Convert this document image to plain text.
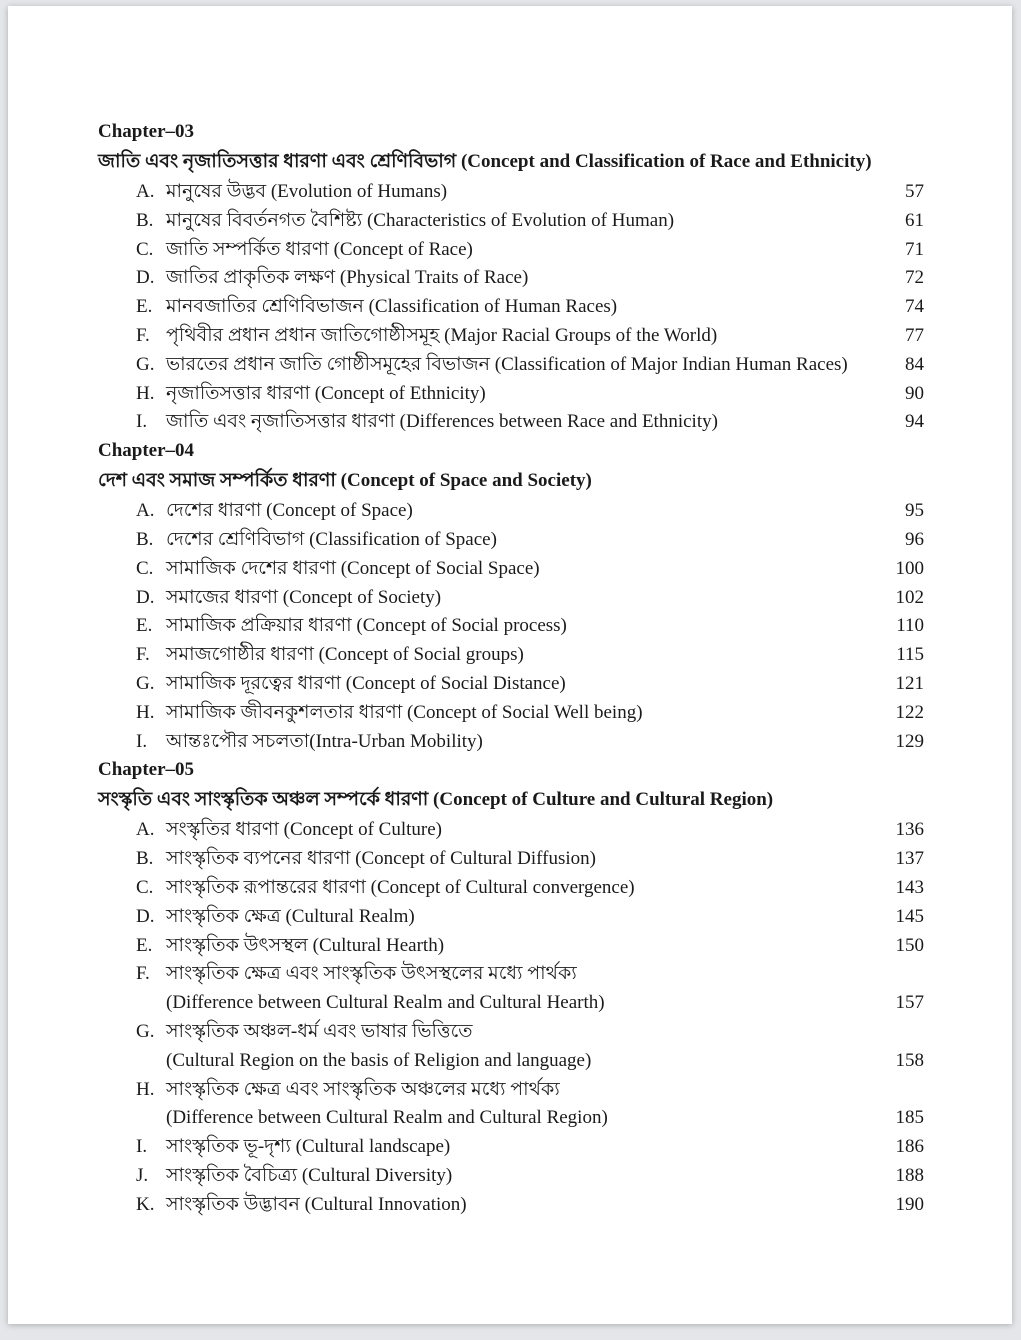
Chapter–03
জাতি এবং নৃজাতিসত্তার ধারণা এবং শ্রেণিবিভাগ (Concept and Classification of Race and Ethnicity)
A. মানুষের উদ্ভব (Evolution of Humans)	57
B. মানুষের বিবর্তনগত বৈশিষ্ট্য (Characteristics of Evolution of Human)	61
C. জাতি সম্পর্কিত ধারণা (Concept of Race)	71
D. জাতির প্রাকৃতিক লক্ষণ (Physical Traits of Race)	72
E. মানবজাতির শ্রেণিবিভাজন (Classification of Human Races)	74
F. পৃথিবীর প্রধান প্রধান জাতিগোষ্ঠীসমূহ (Major Racial Groups of the World)	77
G. ভারতের প্রধান জাতি গোষ্ঠীসমূহের বিভাজন (Classification of Major Indian Human Races)	84
H. নৃজাতিসত্তার ধারণা (Concept of Ethnicity)	90
I. জাতি এবং নৃজাতিসত্তার ধারণা (Differences between Race and Ethnicity)	94
Chapter–04
দেশ এবং সমাজ সম্পর্কিত ধারণা (Concept of Space and Society)
A. দেশের ধারণা (Concept of Space)	95
B. দেশের শ্রেণিবিভাগ (Classification of Space)	96
C. সামাজিক দেশের ধারণা (Concept of Social Space)	100
D. সমাজের ধারণা (Concept of Society)	102
E. সামাজিক প্রক্রিয়ার ধারণা (Concept of Social process)	110
F. সমাজগোষ্ঠীর ধারণা (Concept of Social groups)	115
G. সামাজিক দূরত্বের ধারণা (Concept of Social Distance)	121
H. সামাজিক জীবনকুশলতার ধারণা (Concept of Social Well being)	122
I. আন্তঃপৌর সচলতা(Intra-Urban Mobility)	129
Chapter–05
সংস্কৃতি এবং সাংস্কৃতিক অঞ্চল সম্পর্কে ধারণা (Concept of Culture and Cultural Region)
A. সংস্কৃতির ধারণা (Concept of Culture)	136
B. সাংস্কৃতিক ব্যপনের ধারণা (Concept of Cultural Diffusion)	137
C. সাংস্কৃতিক রূপান্তরের ধারণা (Concept of Cultural convergence)	143
D. সাংস্কৃতিক ক্ষেত্র (Cultural Realm)	145
E. সাংস্কৃতিক উৎসস্থল (Cultural Hearth)	150
F. সাংস্কৃতিক ক্ষেত্র এবং সাংস্কৃতিক উৎসস্থলের মধ্যে পার্থক্য
(Difference between Cultural Realm and Cultural Hearth)	157
G. সাংস্কৃতিক অঞ্চল-ধর্ম এবং ভাষার ভিত্তিতে
(Cultural Region on the basis of Religion and language)	158
H. সাংস্কৃতিক ক্ষেত্র এবং সাংস্কৃতিক অঞ্চলের মধ্যে পার্থক্য
(Difference between Cultural Realm and Cultural Region)	185
I. সাংস্কৃতিক ভূ-দৃশ্য (Cultural landscape)	186
J. সাংস্কৃতিক বৈচিত্র্য (Cultural Diversity)	188
K. সাংস্কৃতিক উদ্ভাবন (Cultural Innovation)	190
